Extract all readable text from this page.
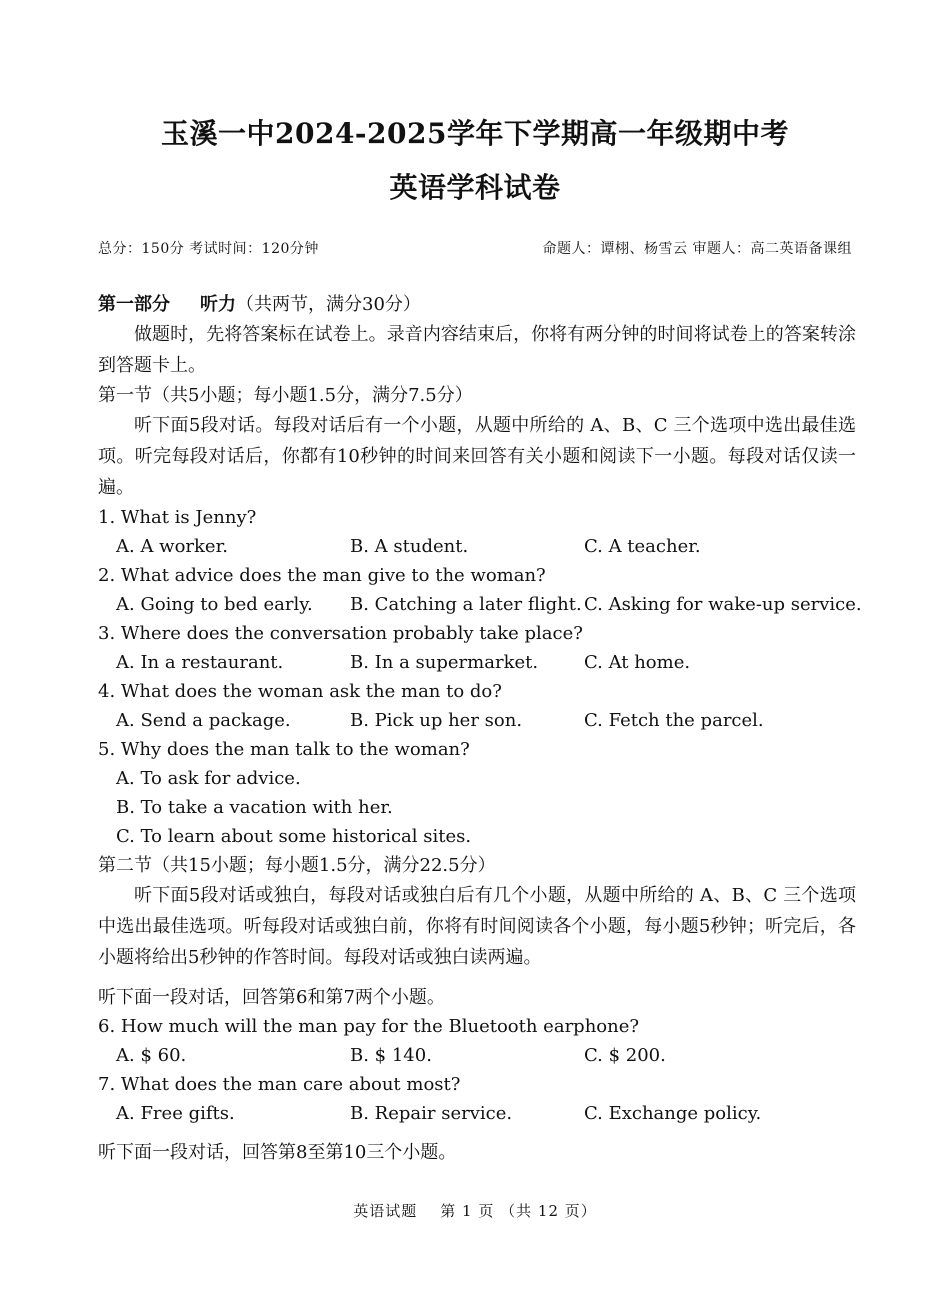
玉溪一中2024-2025学年下学期高一年级期中考
英语学科试卷
总分：150分 考试时间：120分钟	命题人：谭栩、杨雪云 审题人：高二英语备课组
第一部分 听力（共两节，满分30分）
做题时，先将答案标在试卷上。录音内容结束后，你将有两分钟的时间将试卷上的答案转涂到答题卡上。
第一节（共5小题；每小题1.5分，满分7.5分）
听下面5段对话。每段对话后有一个小题，从题中所给的 A、B、C 三个选项中选出最佳选项。听完每段对话后，你都有10秒钟的时间来回答有关小题和阅读下一小题。每段对话仅读一遍。
1. What is Jenny?
A. A worker.	B. A student.	C. A teacher.
2. What advice does the man give to the woman?
A. Going to bed early. B. Catching a later flight. C. Asking for wake-up service.
3. Where does the conversation probably take place?
A. In a restaurant.	B. In a supermarket.	C. At home.
4. What does the woman ask the man to do?
A. Send a package.	B. Pick up her son.	C. Fetch the parcel.
5. Why does the man talk to the woman?
A. To ask for advice.
B. To take a vacation with her.
C. To learn about some historical sites.
第二节（共15小题；每小题1.5分，满分22.5分）
听下面5段对话或独白，每段对话或独白后有几个小题，从题中所给的 A、B、C 三个选项中选出最佳选项。听每段对话或独白前，你将有时间阅读各个小题，每小题5秒钟；听完后，各小题将给出5秒钟的作答时间。每段对话或独白读两遍。
听下面一段对话，回答第6和第7两个小题。
6. How much will the man pay for the Bluetooth earphone?
A. $ 60.	B. $ 140.	C. $ 200.
7. What does the man care about most?
A. Free gifts.	B. Repair service.	C. Exchange policy.
听下面一段对话，回答第8至第10三个小题。
英语试题    第 1 页 （共 12 页）
